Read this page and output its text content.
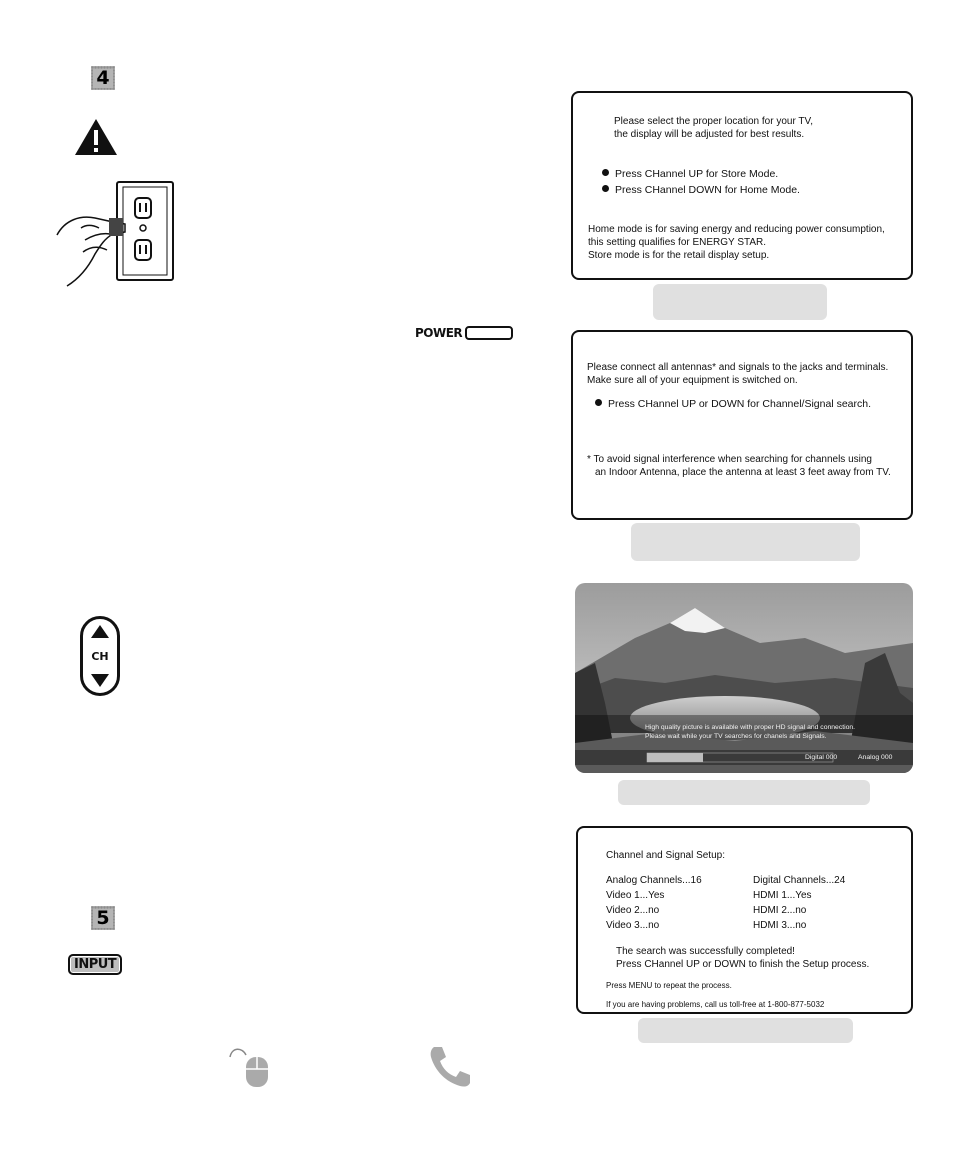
4
POWER
CH
5
INPUT
Please select the proper location for your TV,
the display will be adjusted for best results.
Press CHannel UP for Store Mode.
Press CHannel DOWN for Home Mode.
Home mode is for saving energy and reducing power consumption,
this setting qualifies for ENERGY STAR.
Store mode is for the retail display setup.
Please connect all antennas* and signals to the jacks and terminals.
Make sure all of your equipment is switched on.
Press CHannel UP or DOWN for Channel/Signal search.
* To avoid signal interference when searching for channels using
an Indoor Antenna, place the antenna at least 3 feet away from TV.
High quality picture is available with proper HD signal and connection.
Please wait while your TV searches for chanels and Signals.
Digital 000	Analog 000
Channel and Signal Setup:
Analog Channels...16	Digital Channels...24
Video 1...Yes	HDMI 1...Yes
Video 2...no	HDMI 2...no
Video 3...no	HDMI 3...no
The search was successfully completed!
Press CHannel UP or DOWN to finish the Setup process.
Press MENU to repeat the process.
If you are having problems, call us toll-free at 1-800-877-5032
